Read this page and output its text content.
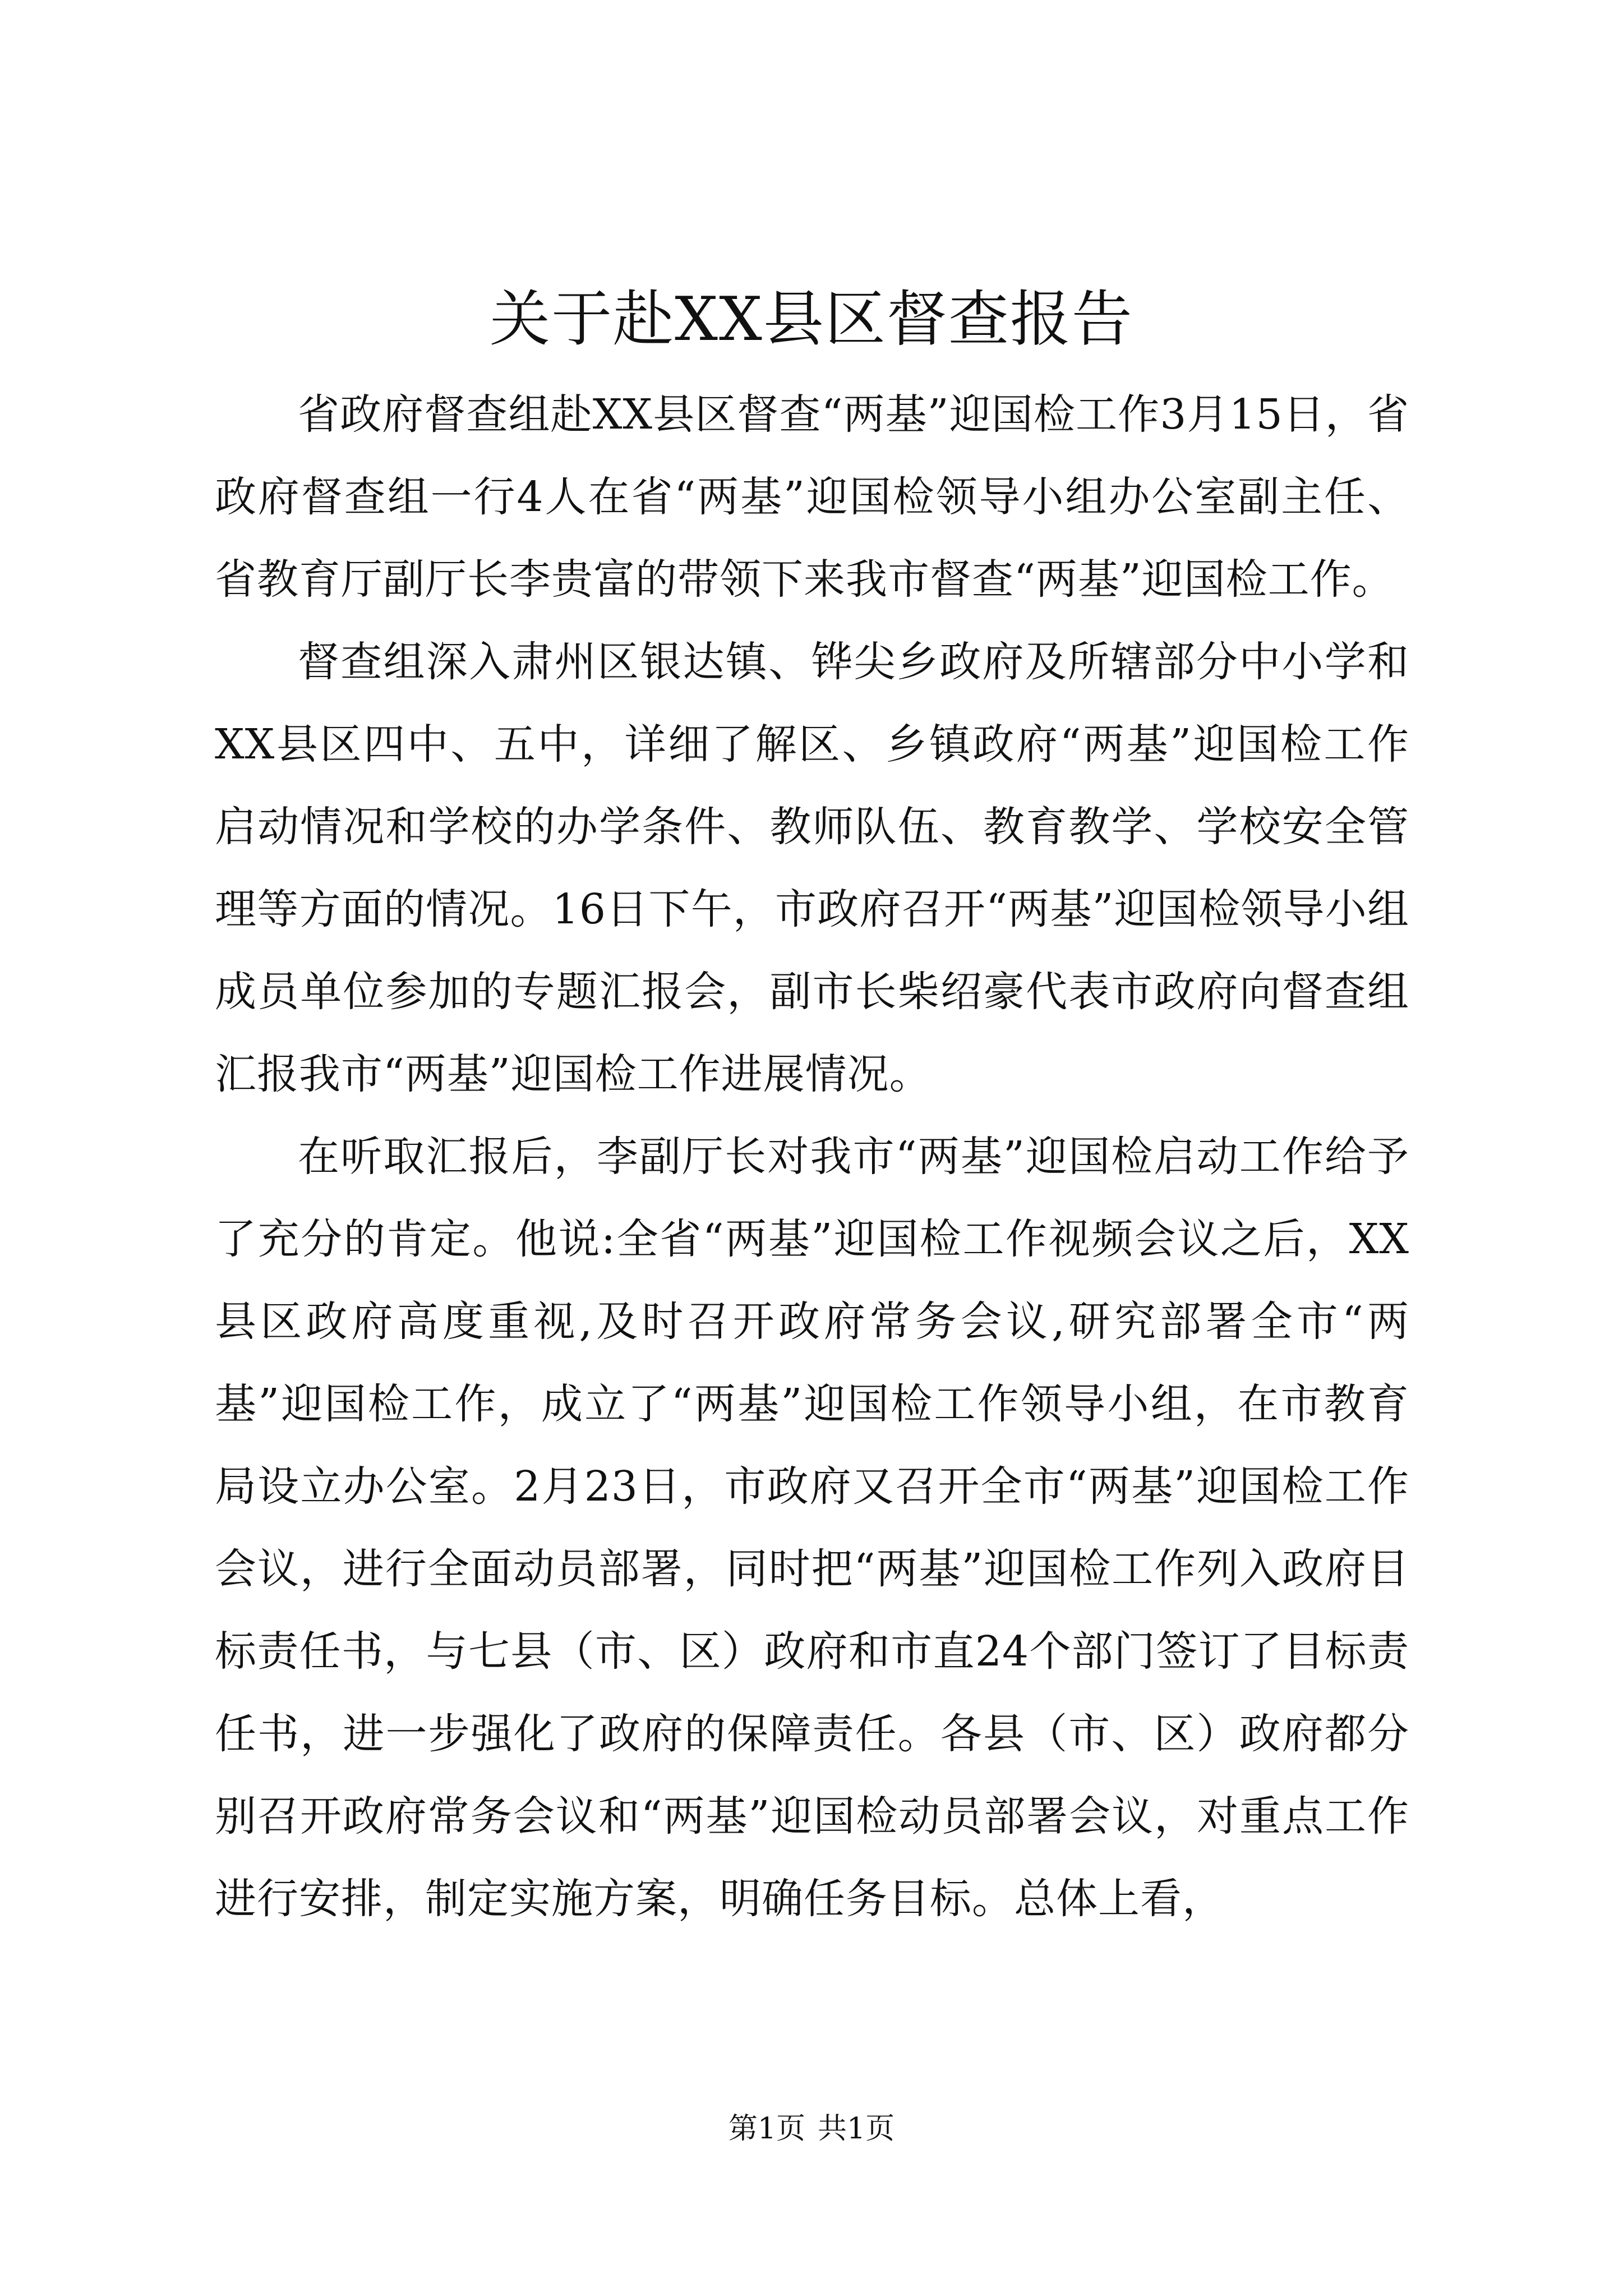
关于赴XX县区督查报告

省政府督查组赴XX县区督查“两基”迎国检工作3月15日，省政府督查组一行4人在省“两基”迎国检领导小组办公室副主任、省教育厅副厅长李贵富的带领下来我市督查“两基”迎国检工作。

督查组深入肃州区银达镇、铧尖乡政府及所辖部分中小学和XX县区四中、五中，详细了解区、乡镇政府“两基”迎国检工作启动情况和学校的办学条件、教师队伍、教育教学、学校安全管理等方面的情况。16日下午，市政府召开“两基”迎国检领导小组成员单位参加的专题汇报会，副市长柴绍豪代表市政府向督查组汇报我市“两基”迎国检工作进展情况。

在听取汇报后，李副厅长对我市“两基”迎国检启动工作给予了充分的肯定。他说:全省“两基”迎国检工作视频会议之后，XX县区政府高度重视,及时召开政府常务会议,研究部署全市“两基”迎国检工作，成立了“两基”迎国检工作领导小组，在市教育局设立办公室。2月23日，市政府又召开全市“两基”迎国检工作会议，进行全面动员部署，同时把“两基”迎国检工作列入政府目标责任书，与七县（市、区）政府和市直24个部门签订了目标责任书，进一步强化了政府的保障责任。各县（市、区）政府都分别召开政府常务会议和“两基”迎国检动员部署会议，对重点工作进行安排，制定实施方案，明确任务目标。总体上看，

第1页 共1页
